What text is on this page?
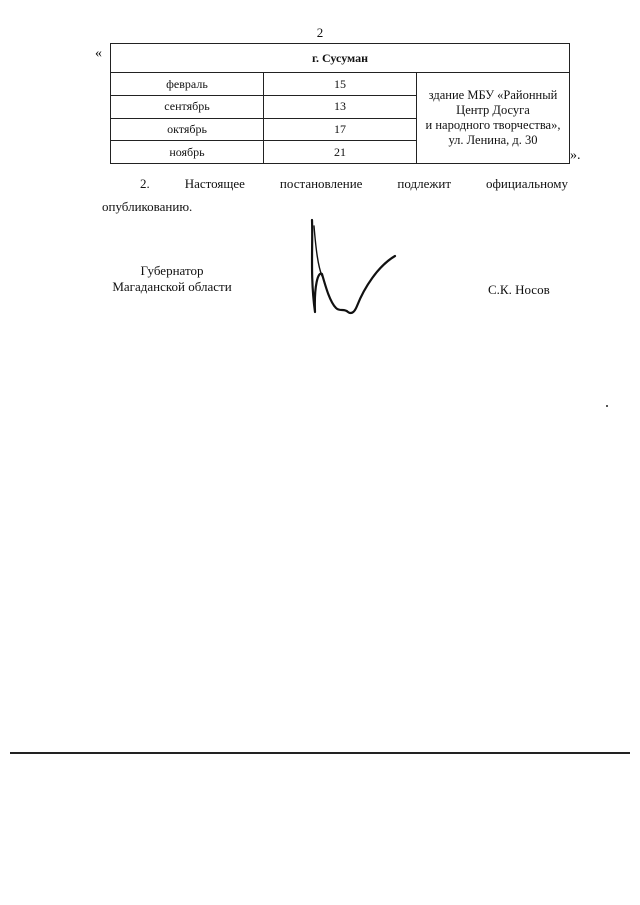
2
«	г. Сусуман		
февраль	15	здание МБУ «Районный Центр Досуга
и народного творчества»,
ул. Ленина, д. 30

сентябрь	13	
октябрь	17	
ноябрь	21		».
2. Настоящее	постановление	подлежит	официальному
опубликованию.
Губернатор
Магаданской области	С.К. Носов
